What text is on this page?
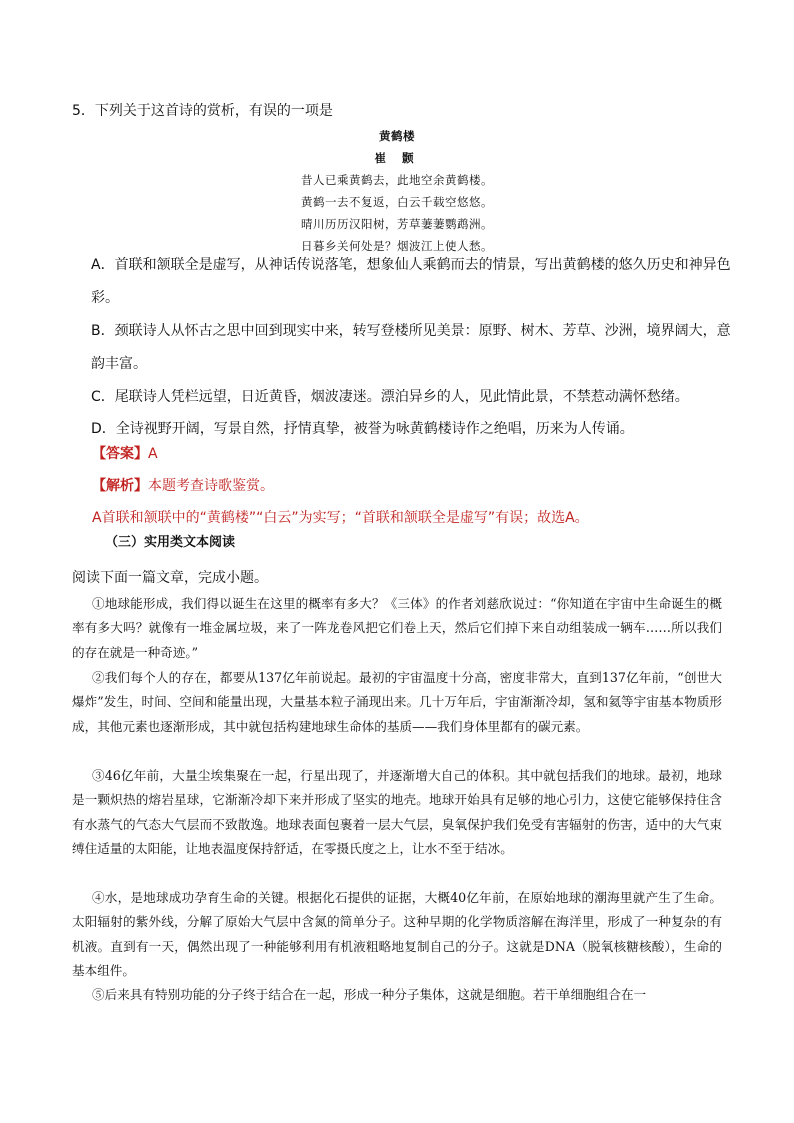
5．下列关于这首诗的赏析，有误的一项是
黄鹤楼
崔 颢
昔人已乘黄鹤去，此地空余黄鹤楼。
黄鹤一去不复返，白云千载空悠悠。
晴川历历汉阳树，芳草萋萋鹦鹉洲。
日暮乡关何处是？烟波江上使人愁。
A．首联和颔联全是虚写，从神话传说落笔，想象仙人乘鹤而去的情景，写出黄鹤楼的悠久历史和神异色彩。
B．颈联诗人从怀古之思中回到现实中来，转写登楼所见美景：原野、树木、芳草、沙洲，境界阔大，意韵丰富。
C．尾联诗人凭栏远望，日近黄昏，烟波凄迷。漂泊异乡的人，见此情此景，不禁惹动满怀愁绪。
D．全诗视野开阔，写景自然，抒情真挚，被誉为咏黄鹤楼诗作之绝唱，历来为人传诵。
【答案】A
【解析】本题考查诗歌鉴赏。
A首联和颔联中的“黄鹤楼”“白云”为实写；“首联和颔联全是虚写”有误；故选A。
（三）实用类文本阅读
阅读下面一篇文章，完成小题。
①地球能形成，我们得以诞生在这里的概率有多大？《三体》的作者刘慈欣说过：“你知道在宇宙中生命诞生的概率有多大吗？就像有一堆金属垃圾，来了一阵龙卷风把它们卷上天，然后它们掉下来自动组装成一辆车……所以我们的存在就是一种奇迹。”
②我们每个人的存在，都要从137亿年前说起。最初的宇宙温度十分高，密度非常大，直到137亿年前，“创世大爆炸”发生，时间、空间和能量出现，大量基本粒子涌现出来。几十万年后，宇宙渐渐冷却，氢和氦等宇宙基本物质形成，其他元素也逐渐形成，其中就包括构建地球生命体的基质——我们身体里都有的碳元素。
③46亿年前，大量尘埃集聚在一起，行星出现了，并逐渐增大自己的体积。其中就包括我们的地球。最初，地球是一颗炽热的熔岩星球，它渐渐冷却下来并形成了坚实的地壳。地球开始具有足够的地心引力，这使它能够保持住含有水蒸气的气态大气层而不致散逸。地球表面包裹着一层大气层，臭氧保护我们免受有害辐射的伤害，适中的大气束缚住适量的太阳能，让地表温度保持舒适，在零摄氏度之上，让水不至于结冰。
④水，是地球成功孕育生命的关键。根据化石提供的证据，大概40亿年前，在原始地球的潮海里就产生了生命。太阳辐射的紫外线，分解了原始大气层中含氮的简单分子。这种早期的化学物质溶解在海洋里，形成了一种复杂的有机液。直到有一天，偶然出现了一种能够利用有机液粗略地复制自己的分子。这就是DNA（脱氧核糖核酸），生命的基本组件。
⑤后来具有特别功能的分子终于结合在一起，形成一种分子集体，这就是细胞。若干单细胞组合在一
